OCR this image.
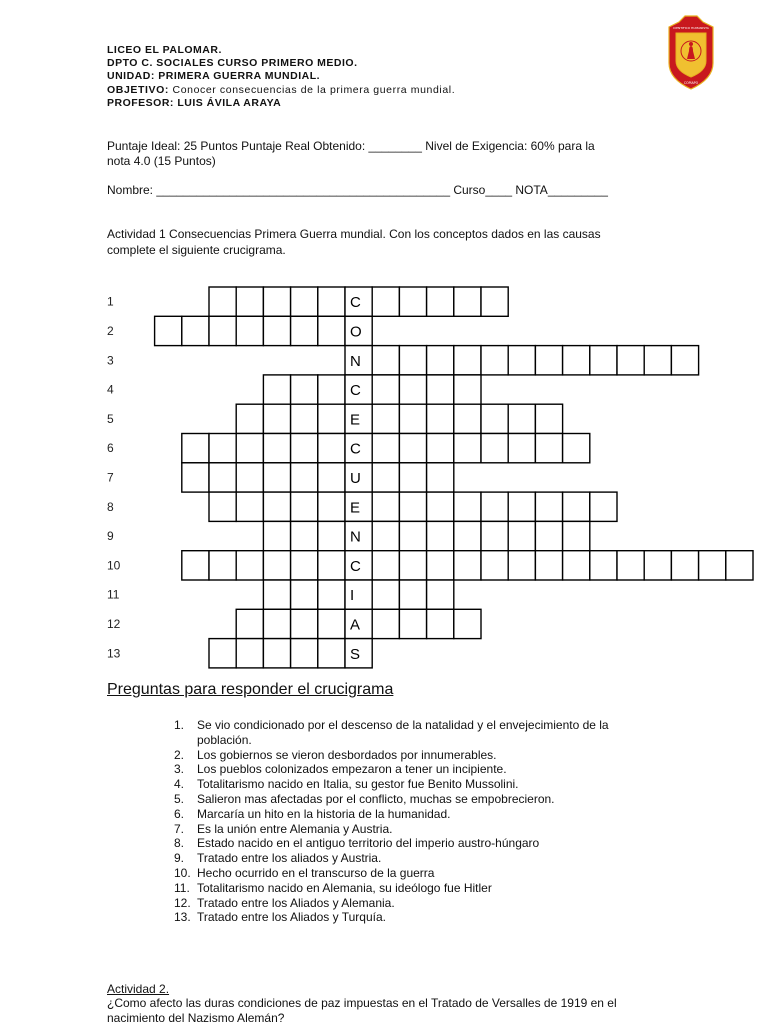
LICEO EL PALOMAR.
DPTO C. SOCIALES CURSO PRIMERO MEDIO.
UNIDAD: PRIMERA GUERRA MUNDIAL.
OBJETIVO: Conocer consecuencias de la primera guerra mundial.
PROFESOR: LUIS ÁVILA ARAYA
CIENTIFICO HUMANISTA
COPIAPO
Puntaje Ideal: 25 Puntos Puntaje Real Obtenido: ________ Nivel de Exigencia: 60% para la
nota 4.0 (15 Puntos)
Nombre: ____________________________________________ Curso____ NOTA_________
Actividad 1 Consecuencias Primera Guerra mundial. Con los conceptos dados en las causas
complete el siguiente crucigrama.
1	C
2	O
3	N
4	C
5	E
6	C
7	U
8	E
9	N
10	C
11	I
12	A
13	S
Preguntas para responder el crucigrama
1. Se vio condicionado por el descenso de la natalidad y el envejecimiento de la
población.
2. Los gobiernos se vieron desbordados por innumerables.
3. Los pueblos colonizados empezaron a tener un incipiente.
4. Totalitarismo nacido en Italia, su gestor fue Benito Mussolini.
5. Salieron mas afectadas por el conflicto, muchas se empobrecieron.
6. Marcaría un hito en la historia de la humanidad.
7. Es la unión entre Alemania y Austria.
8. Estado nacido en el antiguo territorio del imperio austro-húngaro
9. Tratado entre los aliados y Austria.
10. Hecho ocurrido en el transcurso de la guerra
11. Totalitarismo nacido en Alemania, su ideólogo fue Hitler
12. Tratado entre los Aliados y Alemania.
13. Tratado entre los Aliados y Turquía.
Actividad 2.
¿Como afecto las duras condiciones de paz impuestas en el Tratado de Versalles de 1919 en el
nacimiento del Nazismo Alemán?
